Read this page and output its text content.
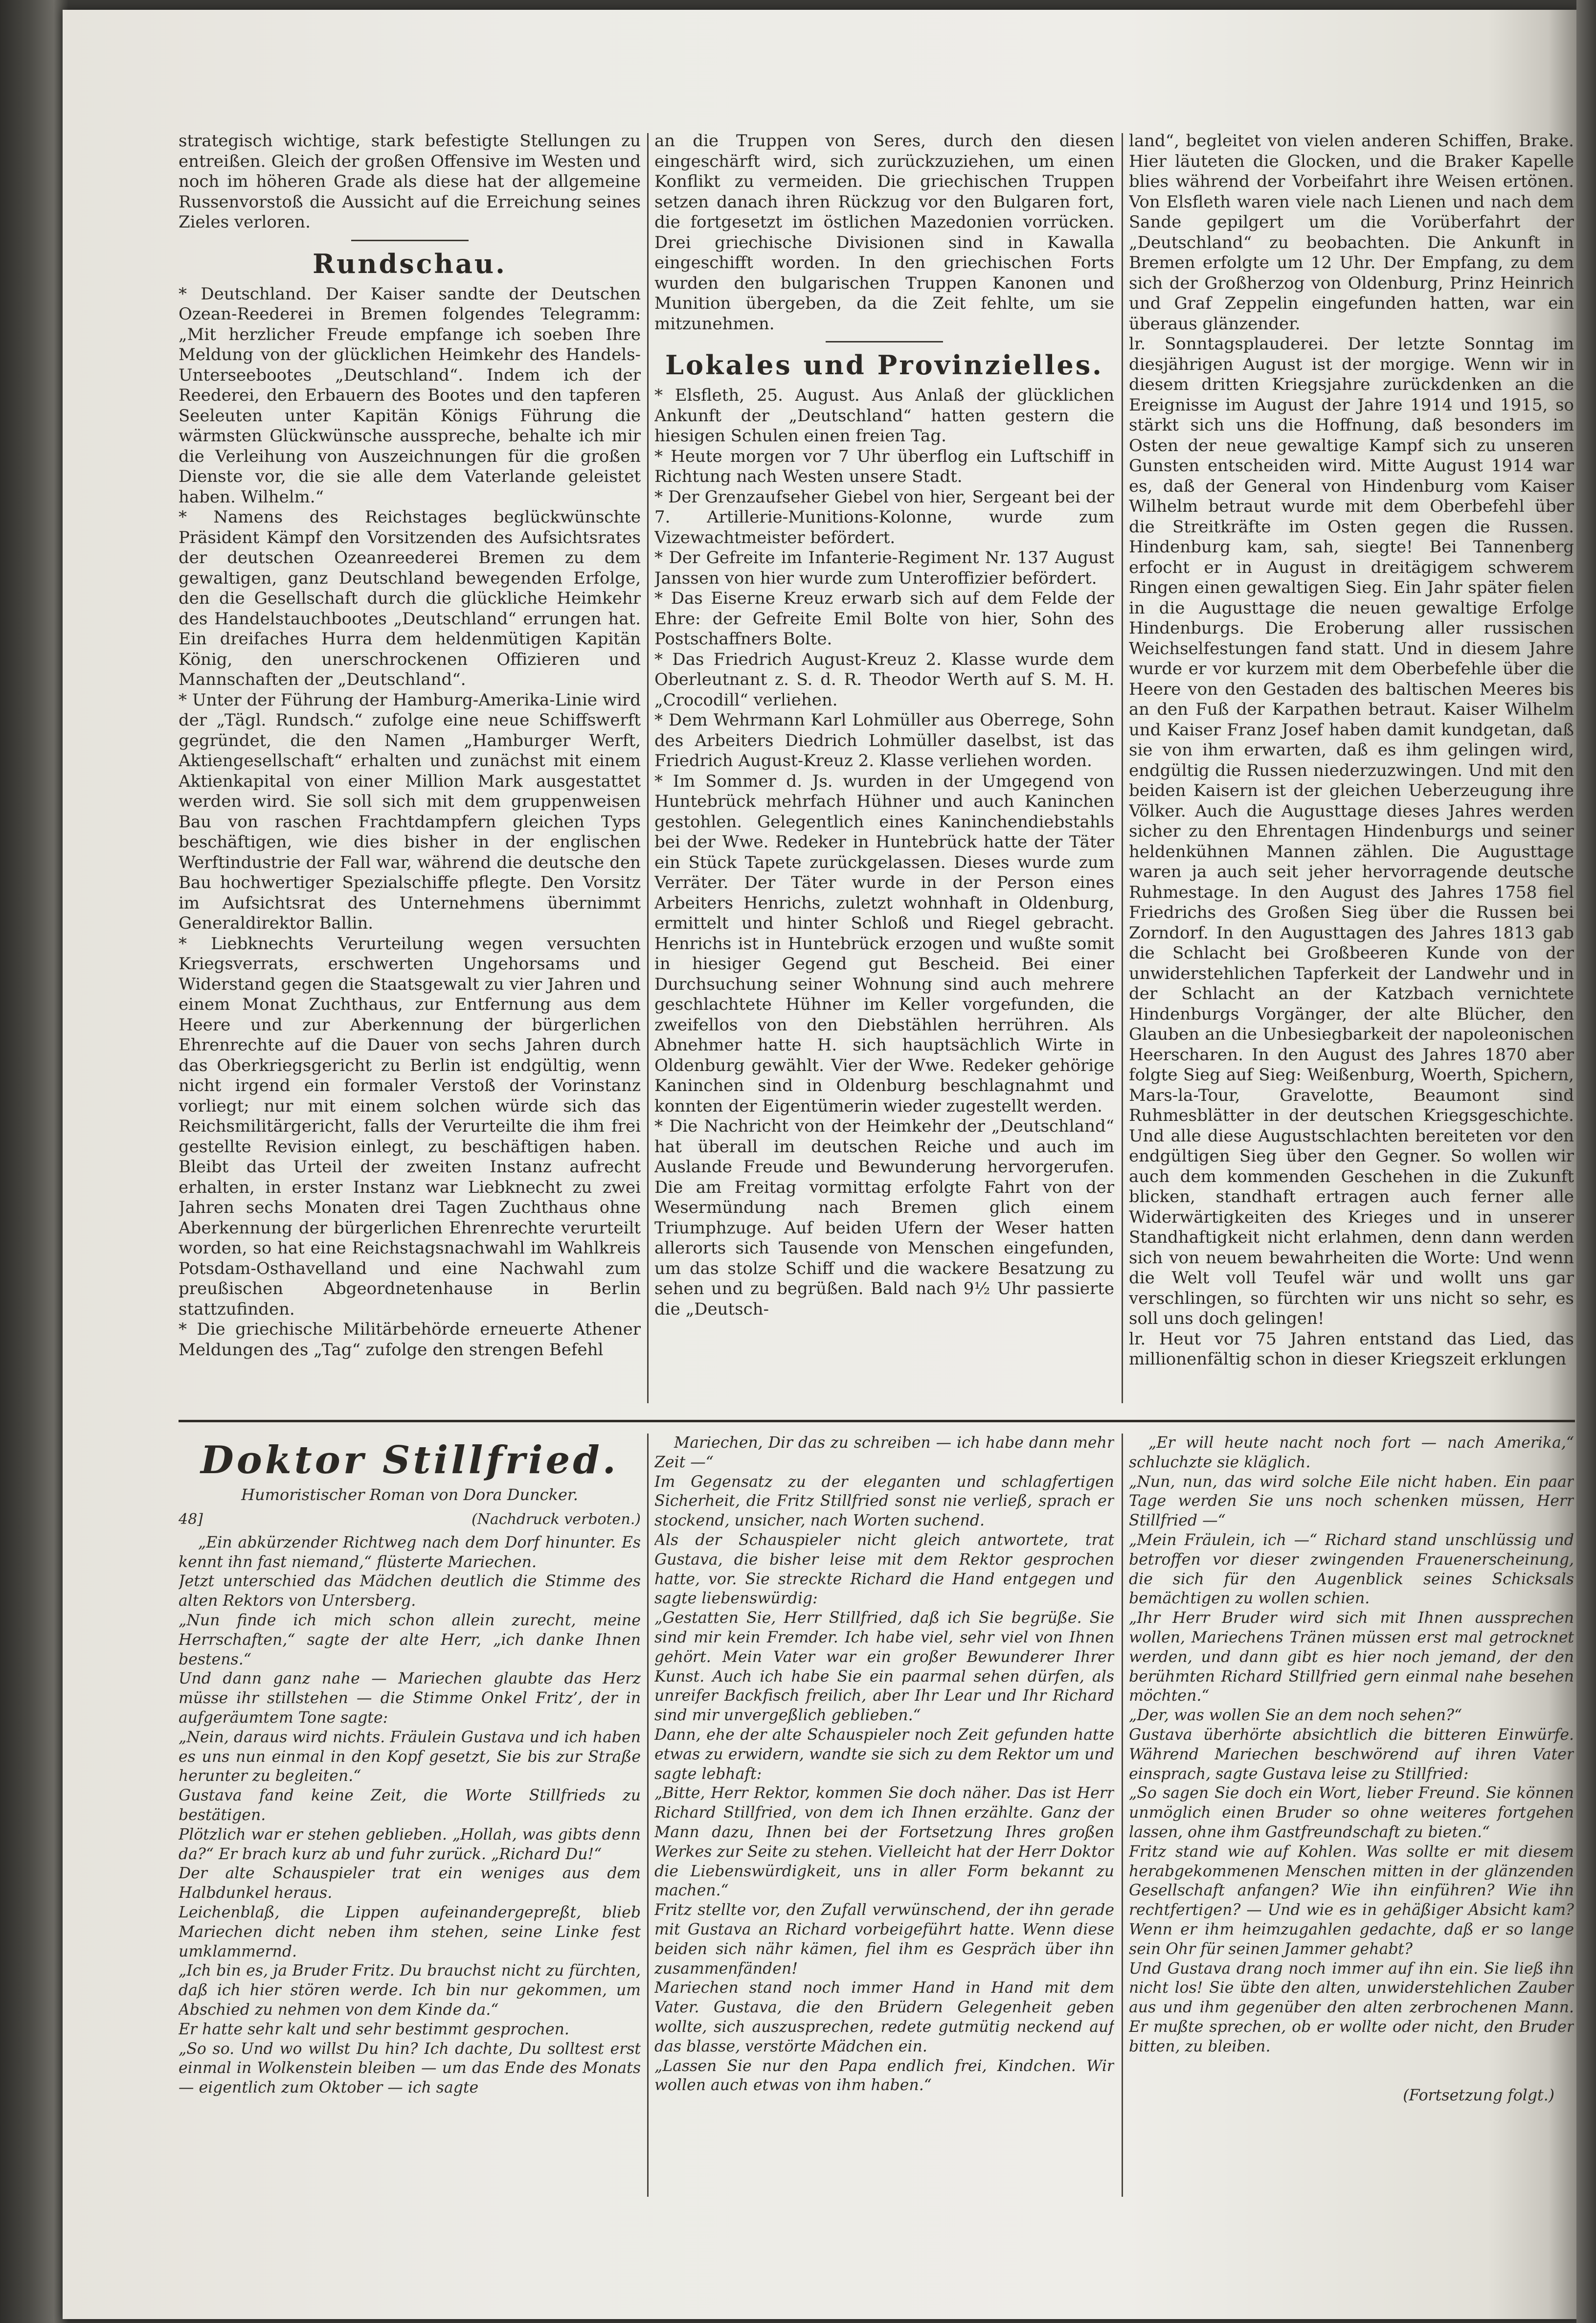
strategisch wichtige, stark befestigte Stellungen zu entreißen. Gleich der großen Offensive im Westen und noch im höheren Grade als diese hat der allgemeine Russenvorstoß die Aussicht auf die Erreichung seines Zieles verloren.

Rundschau.

* Deutschland. Der Kaiser sandte der Deutschen Ozean-Reederei in Bremen folgendes Telegramm: „Mit herzlicher Freude empfange ich soeben Ihre Meldung von der glücklichen Heimkehr des Handels-Unterseebootes „Deutschland“. Indem ich der Reederei, den Erbauern des Bootes und den tapferen Seeleuten unter Kapitän Königs Führung die wärmsten Glückwünsche ausspreche, behalte ich mir die Verleihung von Auszeichnungen für die großen Dienste vor, die sie alle dem Vaterlande geleistet haben. Wilhelm.“
* Namens des Reichstages beglückwünschte Präsident Kämpf den Vorsitzenden des Aufsichtsrates der deutschen Ozeanreederei Bremen zu dem gewaltigen, ganz Deutschland bewegenden Erfolge, den die Gesellschaft durch die glückliche Heimkehr des Handelstauchbootes „Deutschland“ errungen hat. Ein dreifaches Hurra dem heldenmütigen Kapitän König, den unerschrockenen Offizieren und Mannschaften der „Deutschland“.
* Unter der Führung der Hamburg-Amerika-Linie wird der „Tägl. Rundsch.“ zufolge eine neue Schiffswerft gegründet, die den Namen „Hamburger Werft, Aktiengesellschaft“ erhalten und zunächst mit einem Aktienkapital von einer Million Mark ausgestattet werden wird. Sie soll sich mit dem gruppenweisen Bau von raschen Frachtdampfern gleichen Typs beschäftigen, wie dies bisher in der englischen Werftindustrie der Fall war, während die deutsche den Bau hochwertiger Spezialschiffe pflegte. Den Vorsitz im Aufsichtsrat des Unternehmens übernimmt Generaldirektor Ballin.
* Liebknechts Verurteilung wegen versuchten Kriegsverrats, erschwerten Ungehorsams und Widerstand gegen die Staatsgewalt zu vier Jahren und einem Monat Zuchthaus, zur Entfernung aus dem Heere und zur Aberkennung der bürgerlichen Ehrenrechte auf die Dauer von sechs Jahren durch das Oberkriegsgericht zu Berlin ist endgültig, wenn nicht irgend ein formaler Verstoß der Vorinstanz vorliegt; nur mit einem solchen würde sich das Reichsmilitärgericht, falls der Verurteilte die ihm frei gestellte Revision einlegt, zu beschäftigen haben. Bleibt das Urteil der zweiten Instanz aufrecht erhalten, in erster Instanz war Liebknecht zu zwei Jahren sechs Monaten drei Tagen Zuchthaus ohne Aberkennung der bürgerlichen Ehrenrechte verurteilt worden, so hat eine Reichstagsnachwahl im Wahlkreis Potsdam-Osthavelland und eine Nachwahl zum preußischen Abgeordnetenhause in Berlin stattzufinden.
* Die griechische Militärbehörde erneuerte Athener Meldungen des „Tag“ zufolge den strengen Befehl

an die Truppen von Seres, durch den diesen eingeschärft wird, sich zurückzuziehen, um einen Konflikt zu vermeiden. Die griechischen Truppen setzen danach ihren Rückzug vor den Bulgaren fort, die fortgesetzt im östlichen Mazedonien vorrücken. Drei griechische Divisionen sind in Kawalla eingeschifft worden. In den griechischen Forts wurden den bulgarischen Truppen Kanonen und Munition übergeben, da die Zeit fehlte, um sie mitzunehmen.

Lokales und Provinzielles.

* Elsfleth, 25. August. Aus Anlaß der glücklichen Ankunft der „Deutschland“ hatten gestern die hiesigen Schulen einen freien Tag.
* Heute morgen vor 7 Uhr überflog ein Luftschiff in Richtung nach Westen unsere Stadt.
* Der Grenzaufseher Giebel von hier, Sergeant bei der 7. Artillerie-Munitions-Kolonne, wurde zum Vizewachtmeister befördert.
* Der Gefreite im Infanterie-Regiment Nr. 137 August Janssen von hier wurde zum Unteroffizier befördert.
* Das Eiserne Kreuz erwarb sich auf dem Felde der Ehre: der Gefreite Emil Bolte von hier, Sohn des Postschaffners Bolte.
* Das Friedrich August-Kreuz 2. Klasse wurde dem Oberleutnant z. S. d. R. Theodor Werth auf S. M. H. „Crocodill“ verliehen.
* Dem Wehrmann Karl Lohmüller aus Oberrege, Sohn des Arbeiters Diedrich Lohmüller daselbst, ist das Friedrich August-Kreuz 2. Klasse verliehen worden.
* Im Sommer d. Js. wurden in der Umgegend von Huntebrück mehrfach Hühner und auch Kaninchen gestohlen. Gelegentlich eines Kaninchendiebstahls bei der Wwe. Redeker in Huntebrück hatte der Täter ein Stück Tapete zurückgelassen. Dieses wurde zum Verräter. Der Täter wurde in der Person eines Arbeiters Henrichs, zuletzt wohnhaft in Oldenburg, ermittelt und hinter Schloß und Riegel gebracht. Henrichs ist in Huntebrück erzogen und wußte somit in hiesiger Gegend gut Bescheid. Bei einer Durchsuchung seiner Wohnung sind auch mehrere geschlachtete Hühner im Keller vorgefunden, die zweifellos von den Diebstählen herrühren. Als Abnehmer hatte H. sich hauptsächlich Wirte in Oldenburg gewählt. Vier der Wwe. Redeker gehörige Kaninchen sind in Oldenburg beschlagnahmt und konnten der Eigentümerin wieder zugestellt werden.
* Die Nachricht von der Heimkehr der „Deutschland“ hat überall im deutschen Reiche und auch im Auslande Freude und Bewunderung hervorgerufen. Die am Freitag vormittag erfolgte Fahrt von der Wesermündung nach Bremen glich einem Triumphzuge. Auf beiden Ufern der Weser hatten allerorts sich Tausende von Menschen eingefunden, um das stolze Schiff und die wackere Besatzung zu sehen und zu begrüßen. Bald nach 9½ Uhr passierte die „Deutsch-

land“, begleitet von vielen anderen Schiffen, Brake. Hier läuteten die Glocken, und die Braker Kapelle blies während der Vorbeifahrt ihre Weisen ertönen. Von Elsfleth waren viele nach Lienen und nach dem Sande gepilgert um die Vorüberfahrt der „Deutschland“ zu beobachten. Die Ankunft in Bremen erfolgte um 12 Uhr. Der Empfang, zu dem sich der Großherzog von Oldenburg, Prinz Heinrich und Graf Zeppelin eingefunden hatten, war ein überaus glänzender.
lr. Sonntagsplauderei. Der letzte Sonntag im diesjährigen August ist der morgige. Wenn wir in diesem dritten Kriegsjahre zurückdenken an die Ereignisse im August der Jahre 1914 und 1915, so stärkt sich uns die Hoffnung, daß besonders im Osten der neue gewaltige Kampf sich zu unseren Gunsten entscheiden wird. Mitte August 1914 war es, daß der General von Hindenburg vom Kaiser Wilhelm betraut wurde mit dem Oberbefehl über die Streitkräfte im Osten gegen die Russen. Hindenburg kam, sah, siegte! Bei Tannenberg erfocht er in August in dreitägigem schwerem Ringen einen gewaltigen Sieg. Ein Jahr später fielen in die Augusttage die neuen gewaltige Erfolge Hindenburgs. Die Eroberung aller russischen Weichselfestungen fand statt. Und in diesem Jahre wurde er vor kurzem mit dem Oberbefehle über die Heere von den Gestaden des baltischen Meeres bis an den Fuß der Karpathen betraut. Kaiser Wilhelm und Kaiser Franz Josef haben damit kundgetan, daß sie von ihm erwarten, daß es ihm gelingen wird, endgültig die Russen niederzuzwingen. Und mit den beiden Kaisern ist der gleichen Ueberzeugung ihre Völker. Auch die Augusttage dieses Jahres werden sicher zu den Ehrentagen Hindenburgs und seiner heldenkühnen Mannen zählen. Die Augusttage waren ja auch seit jeher hervorragende deutsche Ruhmestage. In den August des Jahres 1758 fiel Friedrichs des Großen Sieg über die Russen bei Zorndorf. In den Augusttagen des Jahres 1813 gab die Schlacht bei Großbeeren Kunde von der unwiderstehlichen Tapferkeit der Landwehr und in der Schlacht an der Katzbach vernichtete Hindenburgs Vorgänger, der alte Blücher, den Glauben an die Unbesiegbarkeit der napoleonischen Heerscharen. In den August des Jahres 1870 aber folgte Sieg auf Sieg: Weißenburg, Woerth, Spichern, Mars-la-Tour, Gravelotte, Beaumont sind Ruhmesblätter in der deutschen Kriegsgeschichte. Und alle diese Augustschlachten bereiteten vor den endgültigen Sieg über den Gegner. So wollen wir auch dem kommenden Geschehen in die Zukunft blicken, standhaft ertragen auch ferner alle Widerwärtigkeiten des Krieges und in unserer Standhaftigkeit nicht erlahmen, denn dann werden sich von neuem bewahrheiten die Worte: Und wenn die Welt voll Teufel wär und wollt uns gar verschlingen, so fürchten wir uns nicht so sehr, es soll uns doch gelingen!
lr. Heut vor 75 Jahren entstand das Lied, das millionenfältig schon in dieser Kriegszeit erklungen

Doktor Stillfried.
Humoristischer Roman von Dora Duncker.
48]	(Nachdruck verboten.)

„Ein abkürzender Richtweg nach dem Dorf hinunter. Es kennt ihn fast niemand,“ flüsterte Mariechen.
Jetzt unterschied das Mädchen deutlich die Stimme des alten Rektors von Untersberg.
„Nun finde ich mich schon allein zurecht, meine Herrschaften,“ sagte der alte Herr, „ich danke Ihnen bestens.“
Und dann ganz nahe — Mariechen glaubte das Herz müsse ihr stillstehen — die Stimme Onkel Fritz’, der in aufgeräumtem Tone sagte:
„Nein, daraus wird nichts. Fräulein Gustava und ich haben es uns nun einmal in den Kopf gesetzt, Sie bis zur Straße herunter zu begleiten.“
Gustava fand keine Zeit, die Worte Stillfrieds zu bestätigen.
Plötzlich war er stehen geblieben. „Hollah, was gibts denn da?“ Er brach kurz ab und fuhr zurück. „Richard Du!“
Der alte Schauspieler trat ein weniges aus dem Halbdunkel heraus.
Leichenblaß, die Lippen aufeinandergepreßt, blieb Mariechen dicht neben ihm stehen, seine Linke fest umklammernd.
„Ich bin es, ja Bruder Fritz. Du brauchst nicht zu fürchten, daß ich hier stören werde. Ich bin nur gekommen, um Abschied zu nehmen von dem Kinde da.“
Er hatte sehr kalt und sehr bestimmt gesprochen.
„So so. Und wo willst Du hin? Ich dachte, Du solltest erst einmal in Wolkenstein bleiben — um das Ende des Monats — eigentlich zum Oktober — ich sagte

Mariechen, Dir das zu schreiben — ich habe dann mehr Zeit —“
Im Gegensatz zu der eleganten und schlagfertigen Sicherheit, die Fritz Stillfried sonst nie verließ, sprach er stockend, unsicher, nach Worten suchend.
Als der Schauspieler nicht gleich antwortete, trat Gustava, die bisher leise mit dem Rektor gesprochen hatte, vor. Sie streckte Richard die Hand entgegen und sagte liebenswürdig:
„Gestatten Sie, Herr Stillfried, daß ich Sie begrüße. Sie sind mir kein Fremder. Ich habe viel, sehr viel von Ihnen gehört. Mein Vater war ein großer Bewunderer Ihrer Kunst. Auch ich habe Sie ein paarmal sehen dürfen, als unreifer Backfisch freilich, aber Ihr Lear und Ihr Richard sind mir unvergeßlich geblieben.“
Dann, ehe der alte Schauspieler noch Zeit gefunden hatte etwas zu erwidern, wandte sie sich zu dem Rektor um und sagte lebhaft:
„Bitte, Herr Rektor, kommen Sie doch näher. Das ist Herr Richard Stillfried, von dem ich Ihnen erzählte. Ganz der Mann dazu, Ihnen bei der Fortsetzung Ihres großen Werkes zur Seite zu stehen. Vielleicht hat der Herr Doktor die Liebenswürdigkeit, uns in aller Form bekannt zu machen.“
Fritz stellte vor, den Zufall verwünschend, der ihn gerade mit Gustava an Richard vorbeigeführt hatte. Wenn diese beiden sich nähr kämen, fiel ihm es Gespräch über ihn zusammenfänden!
Mariechen stand noch immer Hand in Hand mit dem Vater. Gustava, die den Brüdern Gelegenheit geben wollte, sich auszusprechen, redete gutmütig neckend auf das blasse, verstörte Mädchen ein.
„Lassen Sie nur den Papa endlich frei, Kindchen. Wir wollen auch etwas von ihm haben.“

„Er will heute nacht noch fort — nach Amerika,“ schluchzte sie kläglich.
„Nun, nun, das wird solche Eile nicht haben. Ein paar Tage werden Sie uns noch schenken müssen, Herr Stillfried —“
„Mein Fräulein, ich —“ Richard stand unschlüssig und betroffen vor dieser zwingenden Frauenerscheinung, die sich für den Augenblick seines Schicksals bemächtigen zu wollen schien.
„Ihr Herr Bruder wird sich mit Ihnen aussprechen wollen, Mariechens Tränen müssen erst mal getrocknet werden, und dann gibt es hier noch jemand, der den berühmten Richard Stillfried gern einmal nahe besehen möchten.“
„Der, was wollen Sie an dem noch sehen?“
Gustava überhörte absichtlich die bitteren Einwürfe. Während Mariechen beschwörend auf ihren Vater einsprach, sagte Gustava leise zu Stillfried:
„So sagen Sie doch ein Wort, lieber Freund. Sie können unmöglich einen Bruder so ohne weiteres fortgehen lassen, ohne ihm Gastfreundschaft zu bieten.“
Fritz stand wie auf Kohlen. Was sollte er mit diesem herabgekommenen Menschen mitten in der glänzenden Gesellschaft anfangen? Wie ihn einführen? Wie ihn rechtfertigen? — Und wie es in gehäßiger Absicht kam? Wenn er ihm heimzugahlen gedachte, daß er so lange sein Ohr für seinen Jammer gehabt?
Und Gustava drang noch immer auf ihn ein. Sie ließ ihn nicht los! Sie übte den alten, unwiderstehlichen Zauber aus und ihm gegenüber den alten zerbrochenen Mann. Er mußte sprechen, ob er wollte oder nicht, den Bruder bitten, zu bleiben.

(Fortsetzung folgt.)
